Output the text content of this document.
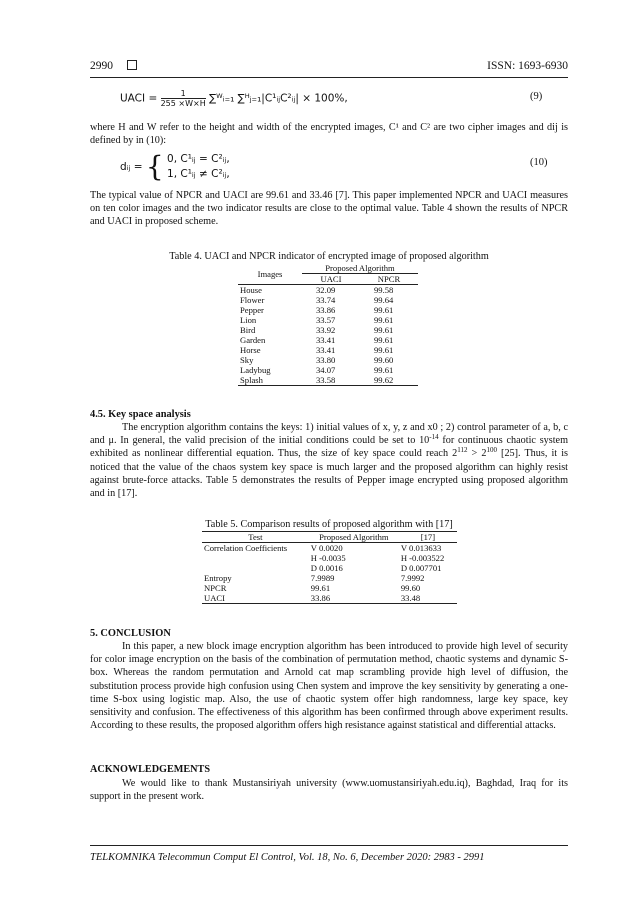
2990	ISSN: 1693-6930
UACI = $\frac{1}{255 \times W\times H}$ ∑ᵂᵢ₌₁ ∑ᴴⱼ₌₁|C¹ᵢⱼC²ᵢⱼ| × 100%,	(9)
where H and W refer to the height and width of the encrypted images, C¹ and C² are two cipher images and dij is defined by in (10):
dᵢⱼ = { 0, C¹ᵢⱼ = C²ᵢⱼ,
1, C¹ᵢⱼ ≠ C²ᵢⱼ,
(10)
The typical value of NPCR and UACI are 99.61 and 33.46 [7]. This paper implemented NPCR and UACI measures on ten color images and the two indicator results are close to the optimal value. Table 4 shown the results of NPCR and UACI in proposed scheme.
Table 4. UACI and NPCR indicator of encrypted image of proposed algorithm
Images	Proposed Algorithm	
	UACI	NPCR
House	32.09	99.58
Flower	33.74	99.64
Pepper	33.86	99.61
Lion	33.57	99.61
Bird	33.92	99.61
Garden	33.41	99.61
Horse	33.41	99.61
Sky	33.80	99.60
Ladybug	34.07	99.61
Splash	33.58	99.62
4.5. Key space analysis
The encryption algorithm contains the keys: 1) initial values of x, y, z and x0 ; 2) control parameter of a, b, c and μ. In general, the valid precision of the initial conditions could be set to $10^{-14}$ for continuous chaotic system exhibited as nonlinear differential equation. Thus, the size of key space could reach $2^{112} > 2^{100}$ [25]. Thus, it is noticed that the value of the chaos system key space is much larger and the proposed algorithm can highly resist against brute-force attacks. Table 5 demonstrates the results of Pepper image encrypted using proposed algorithm and in [17].
Table 5. Comparison results of proposed algorithm with [17]
Test	Proposed Algorithm	[17]
Correlation Coefficients	V 0.0020	V 0.013633
	H -0.0035	H -0.003522
	D 0.0016	D 0.007701
Entropy	7.9989	7.9992
NPCR	99.61	99.60
UACI	33.86	33.48
5. CONCLUSION
In this paper, a new block image encryption algorithm has been introduced to provide high level of security for color image encryption on the basis of the combination of permutation method, chaotic systems and dynamic S-box. Whereas the random permutation and Arnold cat map scrambling provide high level of diffusion, the substitution process provide high confusion using Chen system and improve the key sensitivity by generating a one-time S-box using logistic map. Also, the use of chaotic system offer high randomness, large key space, key sensitivity and confusion. The effectiveness of this algorithm has been confirmed through above experiment results. According to these results, the proposed algorithm offers high resistance against statistical and differential attacks.
ACKNOWLEDGEMENTS
We would like to thank Mustansiriyah university (www.uomustansiriyah.edu.iq), Baghdad, Iraq for its support in the present work.
TELKOMNIKA Telecommun Comput El Control, Vol. 18, No. 6, December 2020: 2983 - 2991
